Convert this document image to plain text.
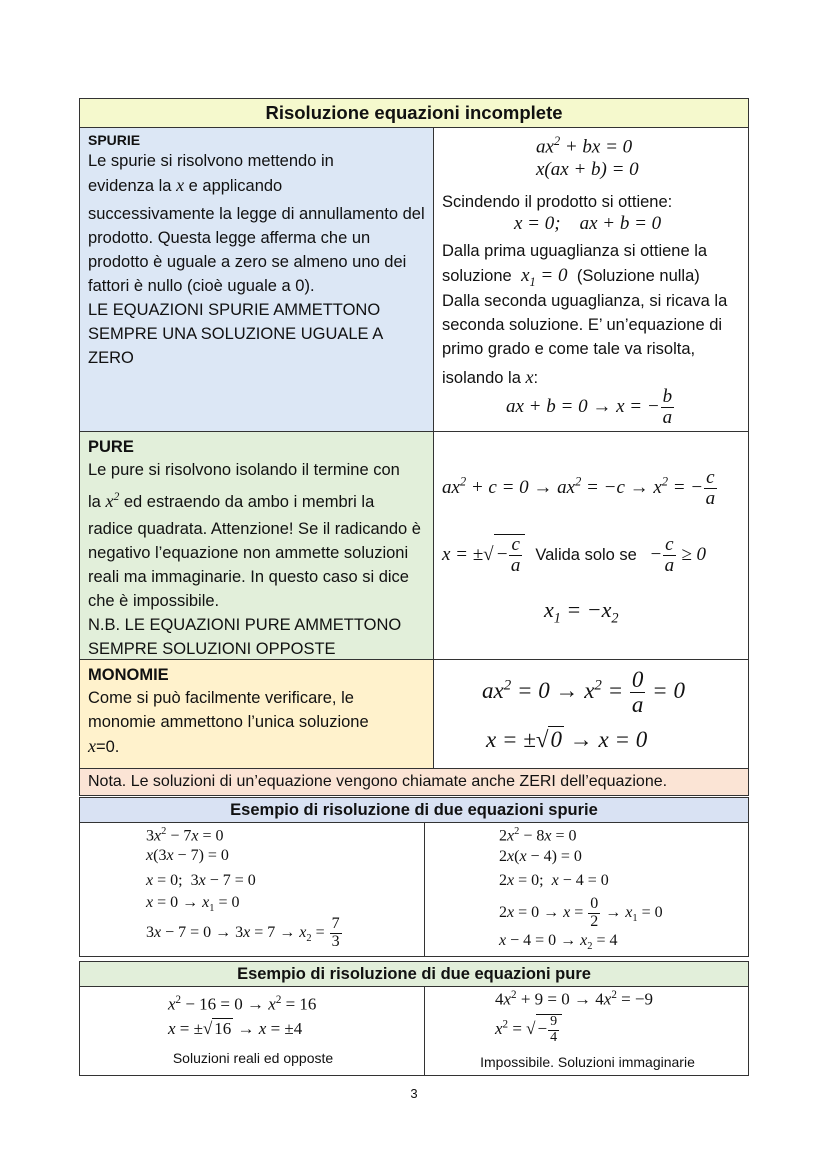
Risoluzione equazioni incomplete
SPURIE
Le spurie si risolvono mettendo in
evidenza la x e applicando
successivamente la legge di annullamento del prodotto. Questa legge afferma che un prodotto è uguale a zero se almeno uno dei fattori è nullo (cioè uguale a 0).
LE EQUAZIONI SPURIE AMMETTONO SEMPRE UNA SOLUZIONE UGUALE A ZERO
$ax^2$ + bx = 0
x(ax + b) = 0
Scindendo il prodotto si ottiene:
x = 0;    ax + b = 0
Dalla prima uguaglianza si ottiene la
soluzione  $x_1 = 0$  (Soluzione nulla)
Dalla seconda uguaglianza, si ricava la seconda soluzione. E’ un’equazione di primo grado e come tale va risolta,
isolando la x:
ax + b = 0 → x = − $\frac{b}{a}$
PURE
Le pure si risolvono isolando il termine con
la $x^2$ ed estraendo da ambo i membri la
radice quadrata. Attenzione! Se il radicando è negativo l’equazione non ammette soluzioni reali ma immaginarie. In questo caso si dice che è impossibile.
N.B. LE EQUAZIONI PURE AMMETTONO SEMPRE SOLUZIONI OPPOSTE
$ax^2 + c = 0 \to ax^2 = -c \to x^2$ = − $\frac{c}{a}$
x = ±√ − $\frac{c}{a}$ Valida solo se − $\frac{c}{a} \ge 0$
$x_1 = -x_2$
MONOMIE
Come si può facilmente verificare, le monomie ammettono l’unica soluzione
x=0.
$ax^2 = 0 \to x^2 = \frac{0}{a} = 0$
x = ±√0 → x = 0
Nota. Le soluzioni di un’equazione vengono chiamate anche ZERI dell’equazione.
Esempio di risoluzione di due equazioni spurie
$3x^2 - 7x = 0$
x(3x − 7) = 0
x = 0;  3x − 7 = 0
$x = 0 \to x_1 = 0$
$3x - 7 = 0 \to 3x = 7 \to x_2 = \frac{7}{3}$
$2x^2 - 8x = 0$
2x(x − 4) = 0
2x = 0;  x − 4 = 0
$2x = 0 \to x = \frac{0}{2} \to x_1 = 0$
$x - 4 = 0 \to x_2 = 4$
Esempio di risoluzione di due equazioni pure
$x^2 - 16 = 0 \to x^2 = 16$
x = ±√ 16 → x = ±4
Soluzioni reali ed opposte
$4x^2 + 9 = 0 \to 4x^2 = -9$
$x^2$ = √ − $\frac{9}{4}$
Impossibile. Soluzioni immaginarie
3
